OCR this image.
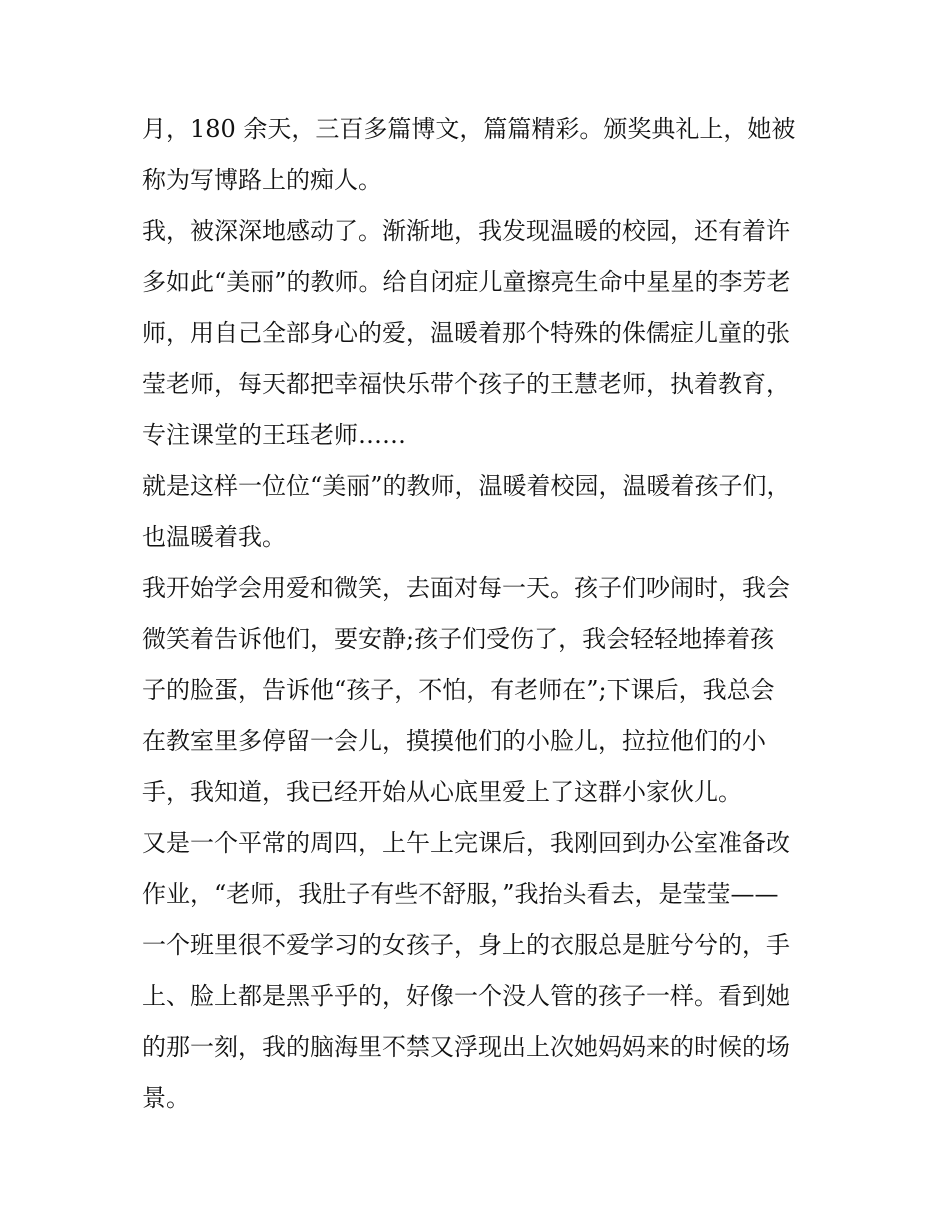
月，180 余天，三百多篇博文，篇篇精彩。颁奖典礼上，她被
称为写博路上的痴人。
我，被深深地感动了。渐渐地，我发现温暖的校园，还有着许
多如此“美丽”的教师。给自闭症儿童擦亮生命中星星的李芳老
师，用自己全部身心的爱，温暖着那个特殊的侏儒症儿童的张
莹老师，每天都把幸福快乐带个孩子的王慧老师，执着教育，
专注课堂的王珏老师……
就是这样一位位“美丽”的教师，温暖着校园，温暖着孩子们，
也温暖着我。
我开始学会用爱和微笑，去面对每一天。孩子们吵闹时，我会
微笑着告诉他们，要安静;孩子们受伤了，我会轻轻地捧着孩
子的脸蛋，告诉他“孩子，不怕，有老师在”;下课后，我总会
在教室里多停留一会儿，摸摸他们的小脸儿，拉拉他们的小
手，我知道，我已经开始从心底里爱上了这群小家伙儿。
又是一个平常的周四，上午上完课后，我刚回到办公室准备改
作业，“老师，我肚子有些不舒服，”我抬头看去，是莹莹——
一个班里很不爱学习的女孩子，身上的衣服总是脏兮兮的，手
上、脸上都是黑乎乎的，好像一个没人管的孩子一样。看到她
的那一刻，我的脑海里不禁又浮现出上次她妈妈来的时候的场
景。
